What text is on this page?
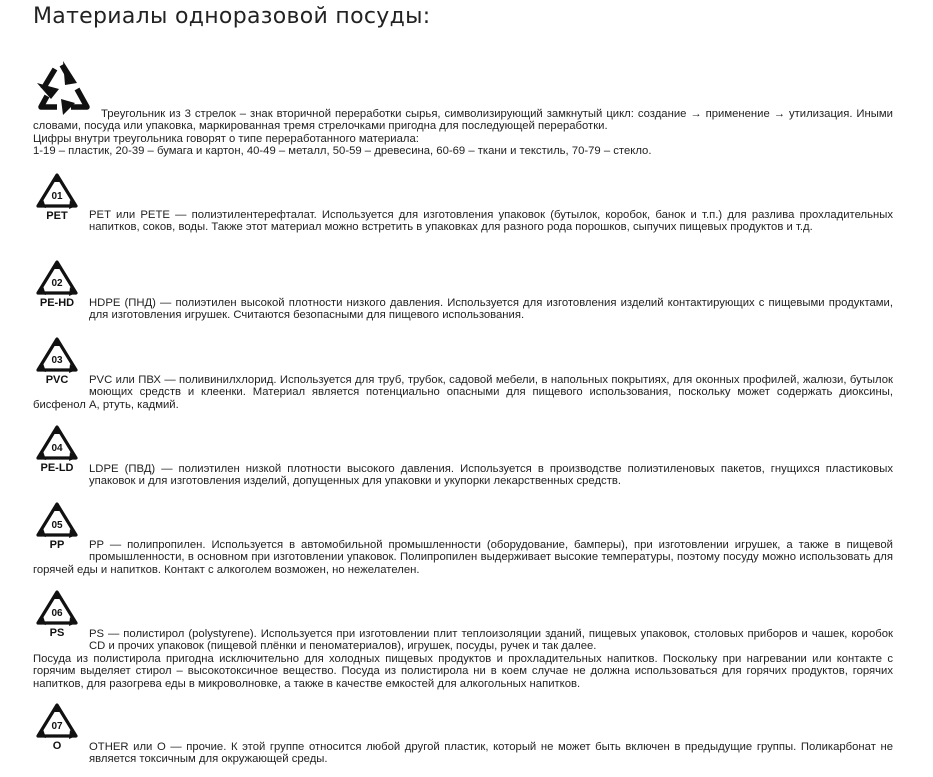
Материалы одноразовой посуды:

Треугольник из 3 стрелок – знак вторичной переработки сырья, символизирующий замкнутый цикл: создание → применение → утилизация. Иными словами, посуда или упаковка, маркированная тремя стрелочками пригодна для последующей переработки.

Цифры внутри треугольника говорят о типе переработанного материала:

1-19 – пластик, 20-39 – бумага и картон, 40-49 – металл, 50-59 – древесина, 60-69 – ткани и текстиль, 70-79 – стекло.

01
PET	PET или PETE — полиэтилентерефталат. Используется для изготовления упаковок (бутылок, коробок, банок и т.п.) для разлива прохладительных напитков, соков, воды. Также этот материал можно встретить в упаковках для разного рода порошков, сыпучих пищевых продуктов и т.д.

02
PE-HD	HDPE (ПНД) — полиэтилен высокой плотности низкого давления. Используется для изготовления изделий контактирующих с пищевыми продуктами, для изготовления игрушек. Считаются безопасными для пищевого использования.

03
PVC	PVC или ПВХ — поливинилхлорид. Используется для труб, трубок, садовой мебели, в напольных покрытиях, для оконных профилей, жалюзи, бутылок моющих средств и клеенки. Материал является потенциально опасными для пищевого использования, поскольку может содержать диоксины, бисфенол А, ртуть, кадмий.

04
PE-LD	LDPE (ПВД) — полиэтилен низкой плотности высокого давления. Используется в производстве полиэтиленовых пакетов, гнущихся пластиковых упаковок и для изготовления изделий, допущенных для упаковки и укупорки лекарственных средств.

05
PP	PP — полипропилен. Используется в автомобильной промышленности (оборудование, бамперы), при изготовлении игрушек, а также в пищевой промышленности, в основном при изготовлении упаковок. Полипропилен выдерживает высокие температуры, поэтому посуду можно использовать для горячей еды и напитков. Контакт с алкоголем возможен, но нежелателен.

06
PS	PS — полистирол (polystyrene). Используется при изготовлении плит теплоизоляции зданий, пищевых упаковок, столовых приборов и чашек, коробок CD и прочих упаковок (пищевой плёнки и пеноматериалов), игрушек, посуды, ручек и так далее.

Посуда из полистирола пригодна исключительно для холодных пищевых продуктов и прохладительных напитков. Поскольку при нагревании или контакте с горячим выделяет стирол – высокотоксичное вещество. Посуда из полистирола ни в коем случае не должна использоваться для горячих продуктов, горячих напитков, для разогрева еды в микроволновке, а также в качестве емкостей для алкогольных напитков.

07
O	OTHER или O — прочие. К этой группе относится любой другой пластик, который не может быть включен в предыдущие группы. Поликарбонат не является токсичным для окружающей среды.
